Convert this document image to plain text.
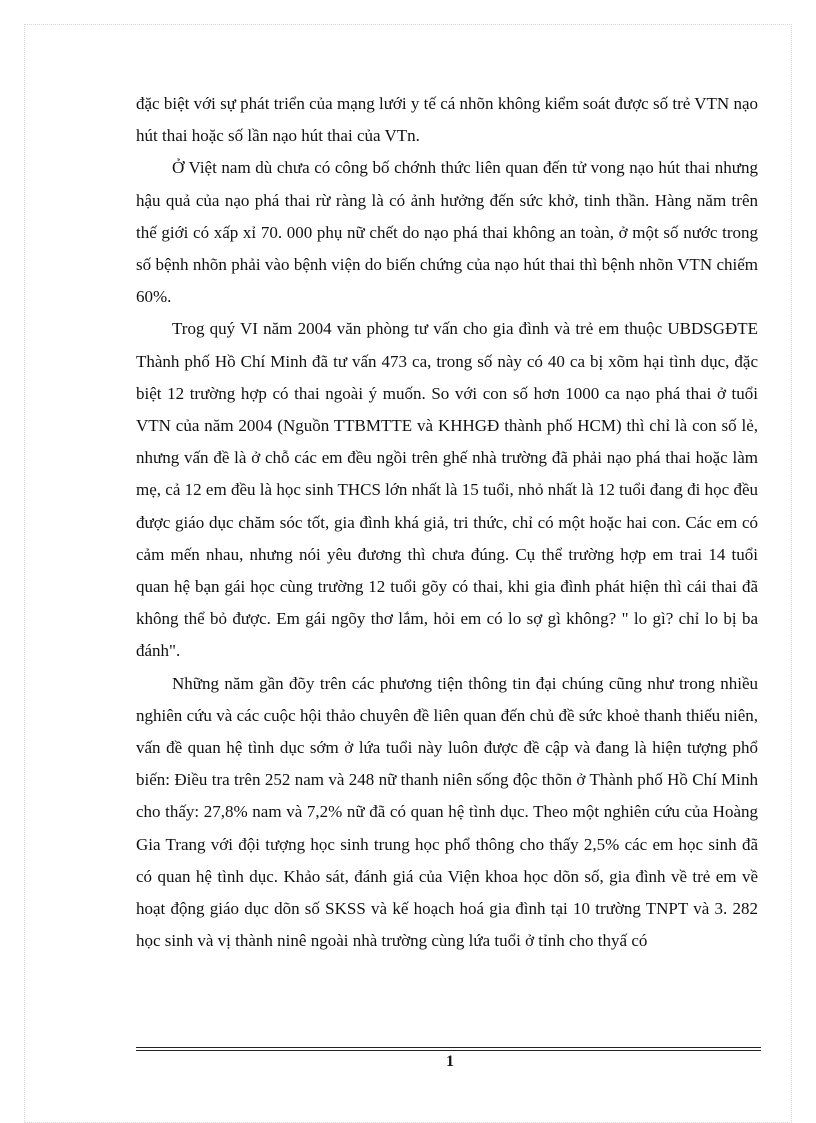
đặc biệt với sự phát triển của mạng lưới y tế cá nhõn không kiểm soát được số trẻ VTN nạo hút thai hoặc số lần nạo hút thai của VTn.

Ở Việt nam dù chưa có công bố chớnh thức liên quan đến tử vong nạo hút thai nhưng hậu quả của nạo phá thai rừ ràng là có ảnh hưởng đến sức khở, tinh thần. Hàng năm trên thế giới có xấp xỉ 70. 000 phụ nữ chết do nạo phá thai không an toàn, ở một số nước trong số bệnh nhõn phải vào bệnh viện do biến chứng của nạo hút thai thì bệnh nhõn VTN chiếm 60%.

Trog quý VI năm 2004 văn phòng tư vấn cho gia đình và trẻ em thuộc UBDSGĐTE Thành phố Hồ Chí Minh đã tư vấn 473 ca, trong số này có 40 ca bị xõm hại tình dục, đặc biệt 12 trường hợp có thai ngoài ý muốn. So với con số hơn 1000 ca nạo phá thai ở tuổi VTN của năm 2004 (Nguồn TTBMTTE và KHHGĐ thành phố HCM) thì chỉ là con số lẻ, nhưng vấn đề là ở chỗ các em đều ngồi trên ghế nhà trường đã phải nạo phá thai hoặc làm mẹ, cả 12 em đều là học sinh THCS lớn nhất là 15 tuổi, nhỏ nhất là 12 tuổi đang đi học đều được giáo dục chăm sóc tốt, gia đình khá giả, tri thức, chỉ có một hoặc hai con. Các em có cảm mến nhau, nhưng nói yêu đương thì chưa đúng. Cụ thể trường hợp em trai 14 tuổi quan hệ bạn gái học cùng trường 12 tuổi gõy có thai, khi gia đình phát hiện thì cái thai đã không thể bỏ được. Em gái ngõy thơ lắm, hỏi em có lo sợ gì không? " lo gì? chỉ lo bị ba đánh".

Những năm gần đõy trên các phương tiện thông tin đại chúng cũng như trong nhiều nghiên cứu và các cuộc hội thảo chuyên đề liên quan đến chủ đề sức khoẻ thanh thiếu niên, vấn đề quan hệ tình dục sớm ở lứa tuổi này luôn được đề cập và đang là hiện tượng phổ biến: Điều tra trên 252 nam và 248 nữ thanh niên sống độc thõn ở Thành phố Hồ Chí Minh cho thấy: 27,8% nam và 7,2% nữ đã có quan hệ tình dục. Theo một nghiên cứu của Hoàng Gia Trang với đội tượng học sinh trung học phổ thông cho thấy 2,5% các em học sinh đã có quan hệ tình dục. Khảo sát, đánh giá của Viện khoa học dõn số, gia đình về trẻ em về hoạt động giáo dục dõn số SKSS và kế hoạch hoá gia đình tại 10 trường TNPT và 3. 282 học sinh và vị thành ninê ngoài nhà trường cùng lứa tuổi ở tỉnh cho thyấ có

1
